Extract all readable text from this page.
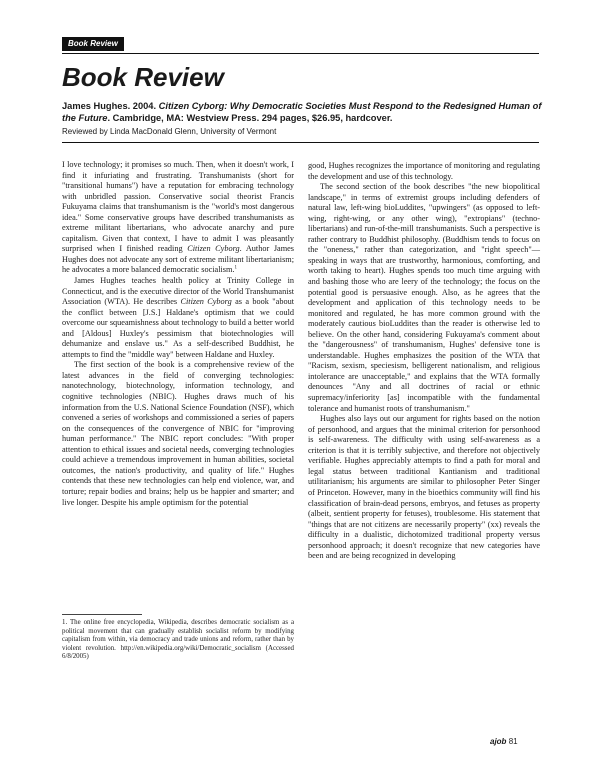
Book Review
Book Review

James Hughes. 2004. Citizen Cyborg: Why Democratic Societies Must Respond to the Redesigned Human of the Future. Cambridge, MA: Westview Press. 294 pages, $26.95, hardcover.

Reviewed by Linda MacDonald Glenn, University of Vermont

I love technology; it promises so much. Then, when it doesn't work, I find it infuriating and frustrating. Transhumanists (short for "transitional humans") have a reputation for embracing technology with unbridled passion. Conservative social theorist Francis Fukuyama claims that transhumanism is the "world's most dangerous idea." Some conservative groups have described transhumanists as extreme militant libertarians, who advocate anarchy and pure capitalism. Given that context, I have to admit I was pleasantly surprised when I finished reading Citizen Cyborg. Author James Hughes does not advocate any sort of extreme militant libertarianism; he advocates a more balanced democratic socialism.$^1$

James Hughes teaches health policy at Trinity College in Connecticut, and is the executive director of the World Transhumanist Association (WTA). He describes Citizen Cyborg as a book "about the conflict between [J.S.] Haldane's optimism that we could overcome our squeamishness about technology to build a better world and [Aldous] Huxley's pessimism that biotechnologies will dehumanize and enslave us." As a self-described Buddhist, he attempts to find the "middle way" between Haldane and Huxley.

The first section of the book is a comprehensive review of the latest advances in the field of converging technologies: nanotechnology, biotechnology, information technology, and cognitive technologies (NBIC). Hughes draws much of his information from the U.S. National Science Foundation (NSF), which convened a series of workshops and commissioned a series of papers on the consequences of the convergence of NBIC for "improving human performance." The NBIC report concludes: "With proper attention to ethical issues and societal needs, converging technologies could achieve a tremendous improvement in human abilities, societal outcomes, the nation's productivity, and quality of life." Hughes contends that these new technologies can help end violence, war, and torture; repair bodies and brains; help us be happier and smarter; and live longer. Despite his ample optimism for the potential

good, Hughes recognizes the importance of monitoring and regulating the development and use of this technology.

The second section of the book describes "the new biopolitical landscape," in terms of extremist groups including defenders of natural law, left-wing bioLuddites, "upwingers" (as opposed to left-wing, right-wing, or any other wing), "extropians" (techno-libertarians) and run-of-the-mill transhumanists. Such a perspective is rather contrary to Buddhist philosophy. (Buddhism tends to focus on the "oneness," rather than categorization, and "right speech"—speaking in ways that are trustworthy, harmonious, comforting, and worth taking to heart). Hughes spends too much time arguing with and bashing those who are leery of the technology; the focus on the potential good is persuasive enough. Also, as he agrees that the development and application of this technology needs to be monitored and regulated, he has more common ground with the moderately cautious bioLuddites than the reader is otherwise led to believe. On the other hand, considering Fukuyama's comment about the "dangerousness" of transhumanism, Hughes' defensive tone is understandable. Hughes emphasizes the position of the WTA that "Racism, sexism, speciesism, belligerent nationalism, and religious intolerance are unacceptable," and explains that the WTA formally denounces "Any and all doctrines of racial or ethnic supremacy/inferiority [as] incompatible with the fundamental tolerance and humanist roots of transhumanism."

Hughes also lays out our argument for rights based on the notion of personhood, and argues that the minimal criterion for personhood is self-awareness. The difficulty with using self-awareness as a criterion is that it is terribly subjective, and therefore not objectively verifiable. Hughes appreciably attempts to find a path for moral and legal status between traditional Kantianism and traditional utilitarianism; his arguments are similar to philosopher Peter Singer of Princeton. However, many in the bioethics community will find his classification of brain-dead persons, embryos, and fetuses as property (albeit, sentient property for fetuses), troublesome. His statement that "things that are not citizens are necessarily property" (xx) reveals the difficulty in a dualistic, dichotomized traditional property versus personhood approach; it doesn't recognize that new categories have been and are being recognized in developing

1. The online free encyclopedia, Wikipedia, describes democratic socialism as a political movement that can gradually establish socialist reform by modifying capitalism from within, via democracy and trade unions and reform, rather than by violent revolution. http://en.wikipedia.org/wiki/Democratic_socialism (Accessed 6/8/2005)

ajob 81
